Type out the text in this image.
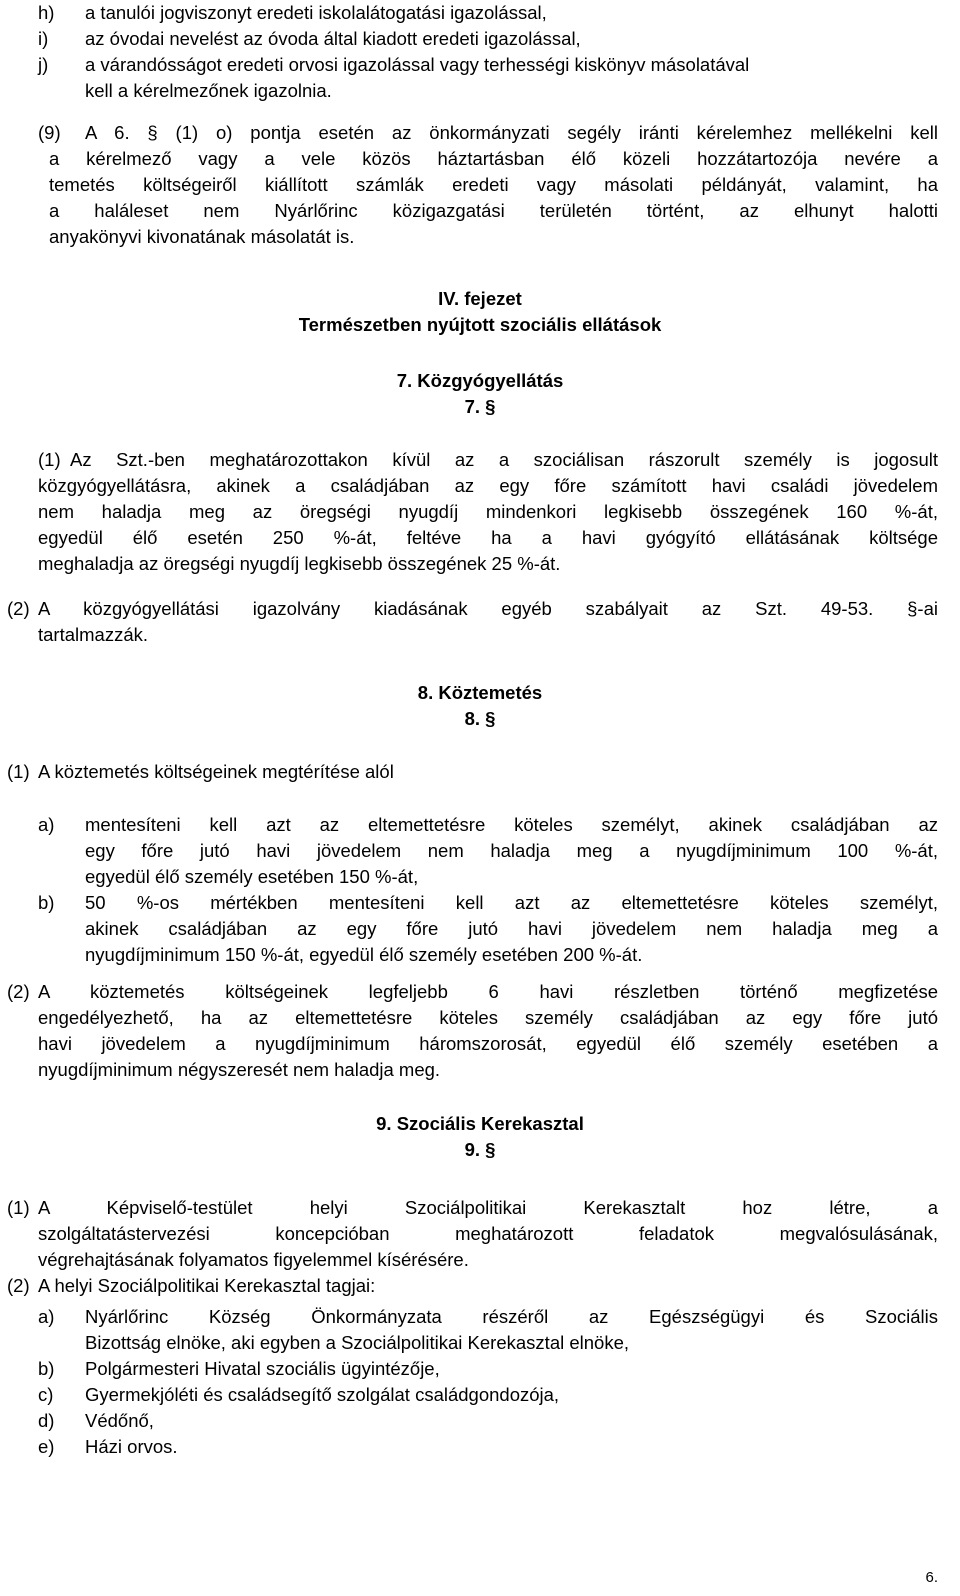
h) a tanulói jogviszonyt eredeti iskolalátogatási igazolással,
i) az óvodai nevelést az óvoda által kiadott eredeti igazolással,
j) a várandósságot eredeti orvosi igazolással vagy terhességi kiskönyv másolatával
kell a kérelmezőnek igazolnia.
(9) A 6. § (1) o) pontja esetén az önkormányzati segély iránti kérelemhez mellékelni kell
a kérelmező vagy a vele közös háztartásban élő közeli hozzátartozója nevére a
temetés költségeiről kiállított számlák eredeti vagy másolati példányát, valamint, ha
a haláleset nem Nyárlőrinc közigazgatási területén történt, az elhunyt halotti
anyakönyvi kivonatának másolatát is.
IV. fejezet
Természetben nyújtott szociális ellátások
7. Közgyógyellátás
7. §
(1) Az Szt.-ben meghatározottakon kívül az a szociálisan rászorult személy is jogosult
közgyógyellátásra, akinek a családjában az egy főre számított havi családi jövedelem
nem haladja meg az öregségi nyugdíj mindenkori legkisebb összegének 160 %-át,
egyedül élő esetén 250 %-át, feltéve ha a havi gyógyító ellátásának költsége
meghaladja az öregségi nyugdíj legkisebb összegének 25 %-át.
(2) A közgyógyellátási igazolvány kiadásának egyéb szabályait az Szt. 49-53. §-ai
tartalmazzák.
8. Köztemetés
8. §
(1) A köztemetés költségeinek megtérítése alól
a) mentesíteni kell azt az eltemettetésre köteles személyt, akinek családjában az
egy főre jutó havi jövedelem nem haladja meg a nyugdíjminimum 100 %-át,
egyedül élő személy esetében 150 %-át,
b) 50 %-os mértékben mentesíteni kell azt az eltemettetésre köteles személyt,
akinek családjában az egy főre jutó havi jövedelem nem haladja meg a
nyugdíjminimum 150 %-át, egyedül élő személy esetében 200 %-át.
(2) A köztemetés költségeinek legfeljebb 6 havi részletben történő megfizetése
engedélyezhető, ha az eltemettetésre köteles személy családjában az egy főre jutó
havi jövedelem a nyugdíjminimum háromszorosát, egyedül élő személy esetében a
nyugdíjminimum négyszeresét nem haladja meg.
9. Szociális Kerekasztal
9. §
(1) A Képviselő-testület helyi Szociálpolitikai Kerekasztalt hoz létre, a
szolgáltatástervezési koncepcióban meghatározott feladatok megvalósulásának,
végrehajtásának folyamatos figyelemmel kísérésére.
(2) A helyi Szociálpolitikai Kerekasztal tagjai:
a) Nyárlőrinc Község Önkormányzata részéről az Egészségügyi és Szociális
Bizottság elnöke, aki egyben a Szociálpolitikai Kerekasztal elnöke,
b) Polgármesteri Hivatal szociális ügyintézője,
c) Gyermekjóléti és családsegítő szolgálat családgondozója,
d) Védőnő,
e) Házi orvos.
6.
